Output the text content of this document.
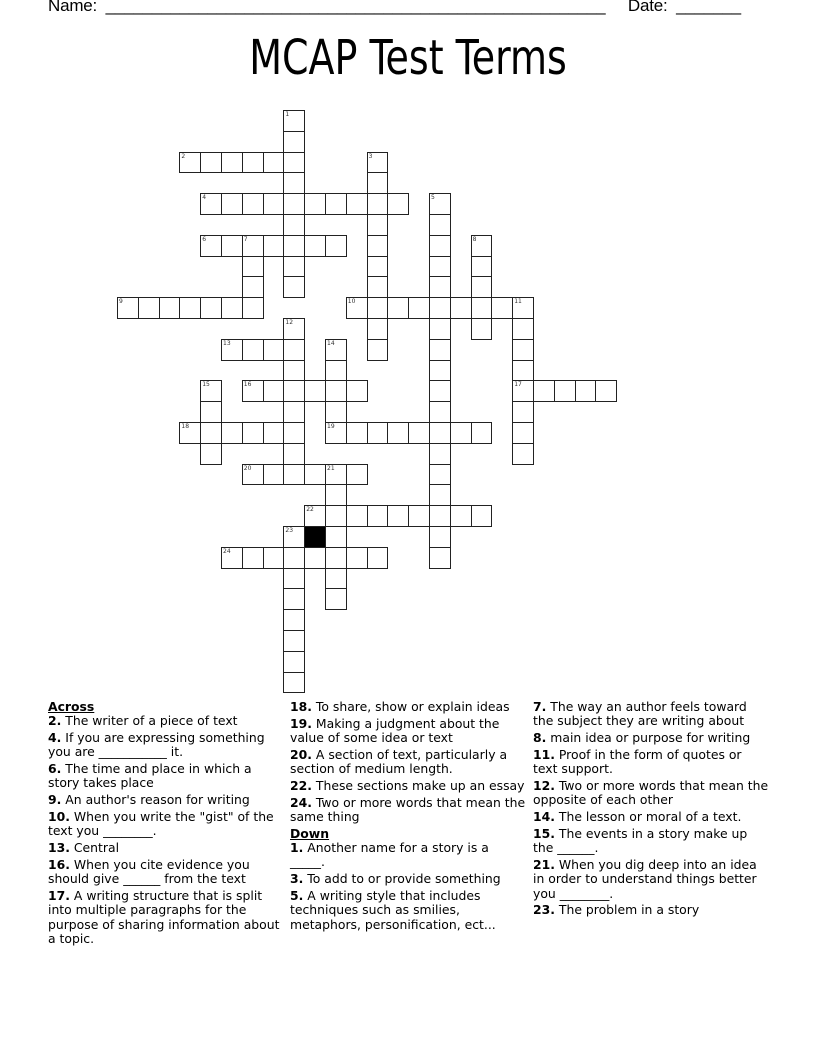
Name: ______________________________________________________ Date: _______
MCAP Test Terms
1
2	3
4	5
6	7	8
9	10	11
17
12
13	14
19
15	16
18
20	21
22
23
24
Across
2. The writer of a piece of text
4. If you are expressing something you are ___________ it.
6. The time and place in which a story takes place
9. An author's reason for writing
10. When you write the "gist" of the text you ________.
13. Central
16. When you cite evidence you should give ______ from the text
17. A writing structure that is split into multiple paragraphs for the purpose of sharing information about a topic.
18. To share, show or explain ideas
19. Making a judgment about the value of some idea or text
20. A section of text, particularly a section of medium length.
22. These sections make up an essay
24. Two or more words that mean the same thing
Down
1. Another name for a story is a _____.
3. To add to or provide something
5. A writing style that includes techniques such as smilies, metaphors, personification, ect...
7. The way an author feels toward the subject they are writing about
8. main idea or purpose for writing
11. Proof in the form of quotes or text support.
12. Two or more words that mean the opposite of each other
14. The lesson or moral of a text.
15. The events in a story make up the ______.
21. When you dig deep into an idea in order to understand things better you ________.
23. The problem in a story
